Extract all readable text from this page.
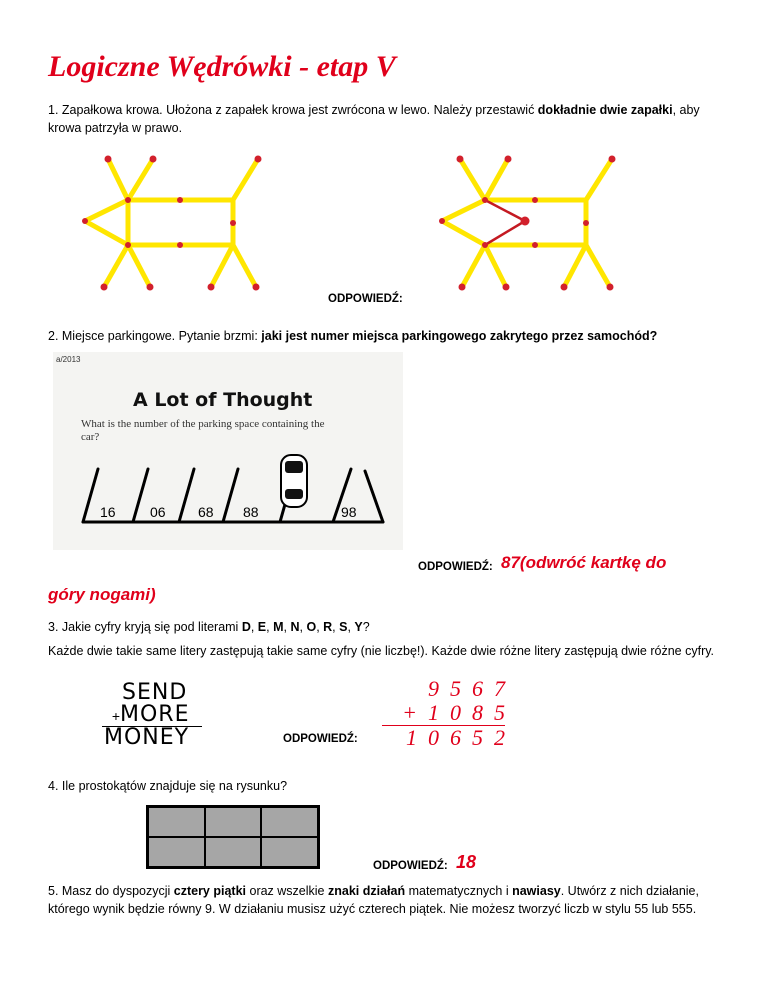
Logiczne Wędrówki - etap V
1. Zapałkowa krowa. Ułożona z zapałek krowa jest zwrócona w lewo. Należy przestawić dokładnie dwie zapałki, aby krowa patrzyła w prawo.
ODPOWIEDŹ:
2. Miejsce parkingowe. Pytanie brzmi: jaki jest numer miejsca parkingowego zakrytego przez samochód?
a/2013
A Lot of Thought
What is the number of the parking space containing the
car?
16 06 68 88	98
ODPOWIEDŹ: 87(odwróć kartkę do
góry nogami)
3. Jakie cyfry kryją się pod literami D, E, M, N, O, R, S, Y?
Każde dwie takie same litery zastępują takie same cyfry (nie liczbę!). Każde dwie różne litery zastępują dwie różne cyfry.
SEND
+MORE
MONEY	ODPOWIEDŹ:
9  5  6  7
+  1  0  8  5
1  0  6  5  2
4. Ile prostokątów znajduje się na rysunku?
ODPOWIEDŹ: 18
5. Masz do dyspozycji cztery piątki oraz wszelkie znaki działań matematycznych i nawiasy. Utwórz z nich działanie, którego wynik będzie równy 9. W działaniu musisz użyć czterech piątek. Nie możesz tworzyć liczb w stylu 55 lub 555.
